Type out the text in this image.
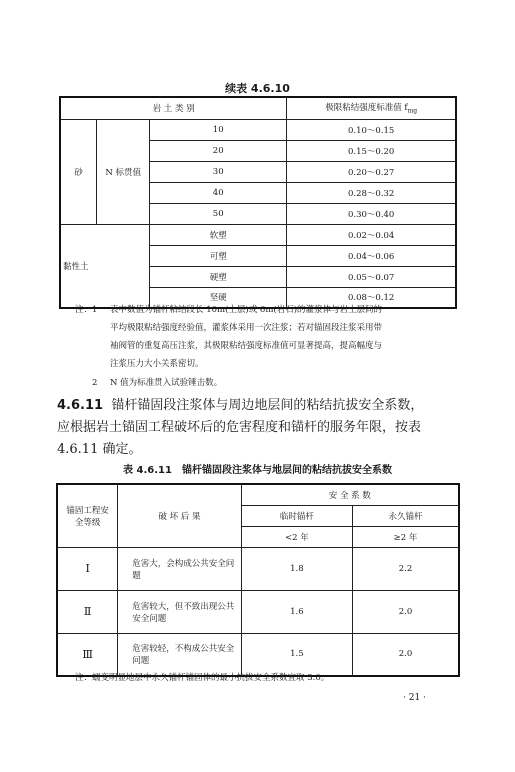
续表 4.6.10
岩 土 类 别			极限粘结强度标准值 $f_{mg}$
砂	N 标贯值	10	0.10～0.15
		20	0.15～0.20
		30	0.20～0.27
		40	0.28～0.32
		50	0.30～0.40
黏性土		软塑	0.02～0.04
		可塑	0.04～0.06
		硬塑	0.05～0.07
		坚硬	0.08～0.12
注：1 表中数值为锚杆粘结段长 10m(土层)或 6m(岩石)的灌浆体与岩土层间的
平均极限粘结强度经验值，灌浆体采用一次注浆；若对锚固段注浆采用带
袖阀管的重复高压注浆，其极限粘结强度标准值可显著提高，提高幅度与
注浆压力大小关系密切。
2 N 值为标准贯入试验锤击数。
4.6.11 锚杆锚固段注浆体与周边地层间的粘结抗拔安全系数，
应根据岩土锚固工程破坏后的危害程度和锚杆的服务年限，按表
4.6.11 确定。
表 4.6.11　锚杆锚固段注浆体与地层间的粘结抗拔安全系数
锚固工程安全等级	破 坏 后 果	安 全 系 数	
		临时锚杆	永久锚杆
		<2 年	≥2 年
Ⅰ	危害大，会构成公共安全问题	1.8	2.2
Ⅱ	危害较大，但不致出现公共安全问题	1.6	2.0
Ⅲ	危害较轻，不构成公共安全问题	1.5	2.0
注：蠕变明显地层中永久锚杆锚固体的最小抗拔安全系数宜取 3.0。
· 21 ·
